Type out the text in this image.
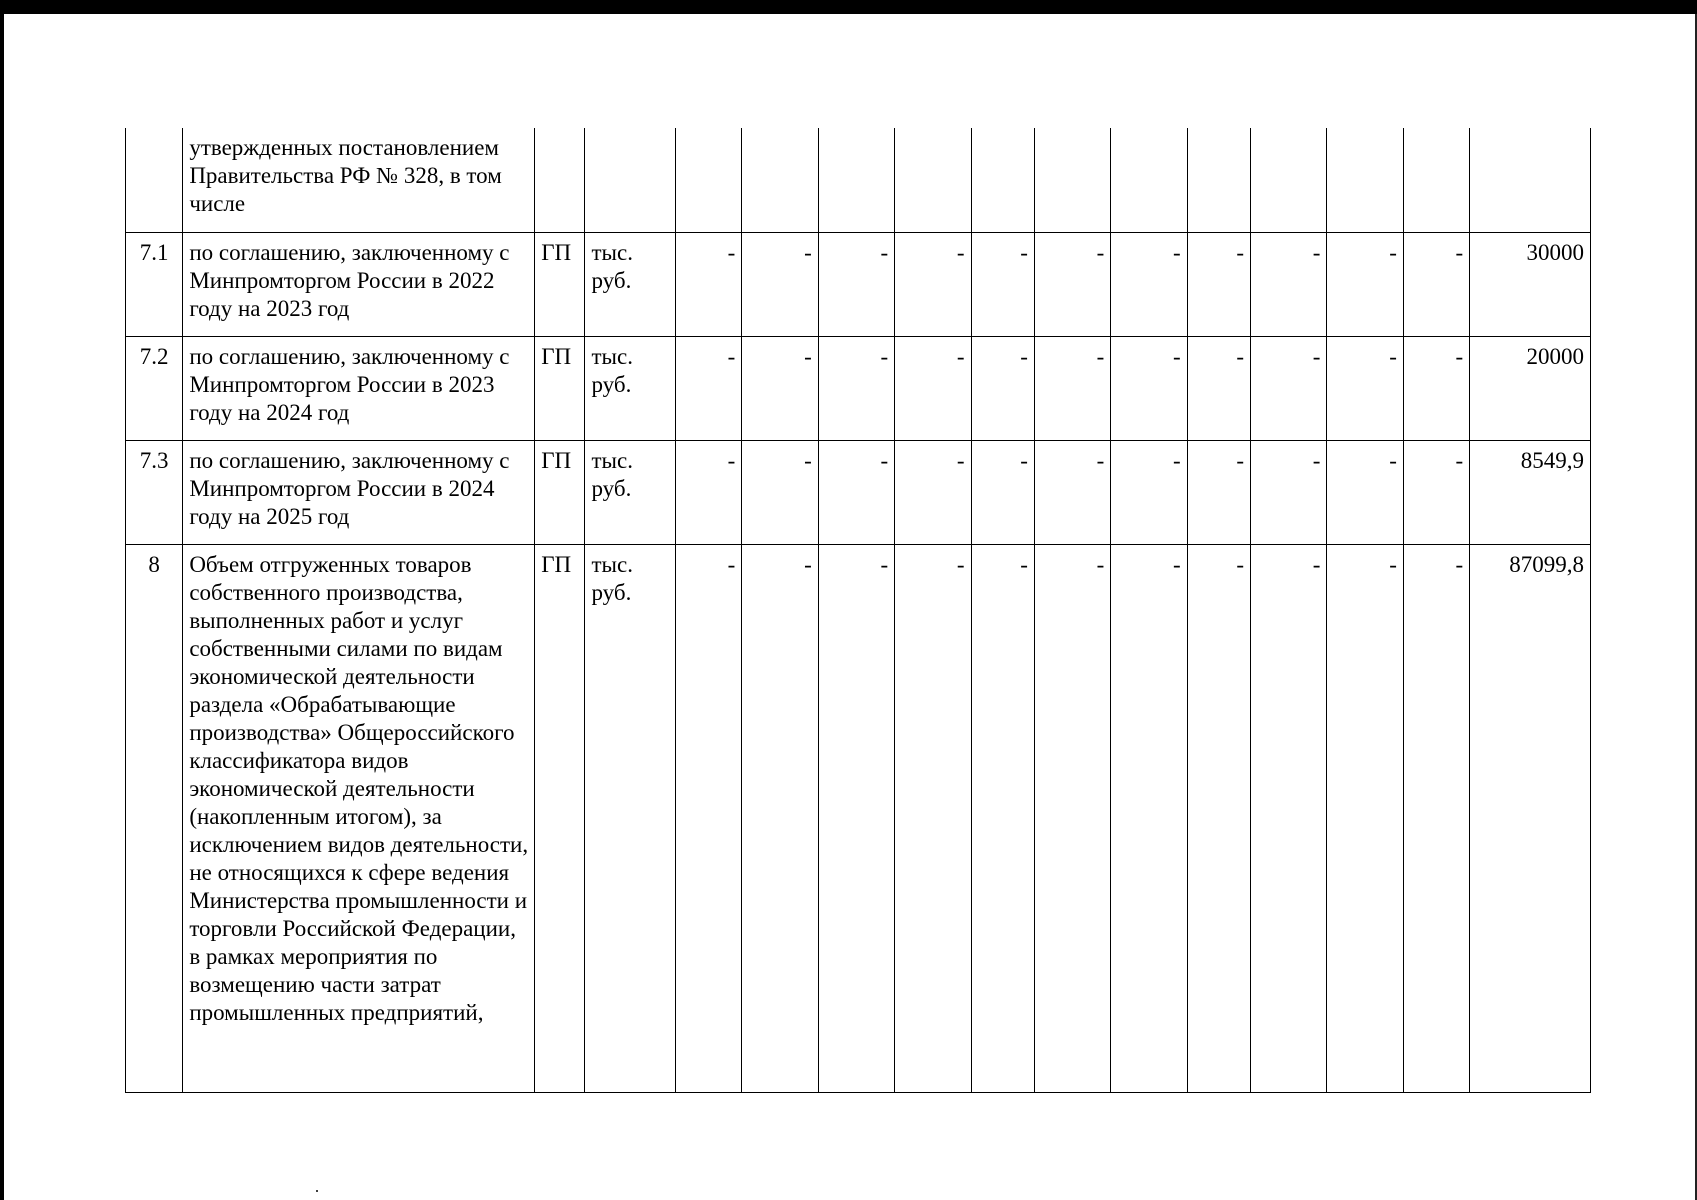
	утвержденных постановлением Правительства РФ № 328, в том числе														
7.1	по соглашению, заключенному с Минпромторгом России в 2022 году на 2023 год	ГП	тыс. руб.	-	-	-	-	-	-	-	-	-	-	-	30000
7.2	по соглашению, заключенному с Минпромторгом России в 2023 году на 2024 год	ГП	тыс. руб.	-	-	-	-	-	-	-	-	-	-	-	20000
7.3	по соглашению, заключенному с Минпромторгом России в 2024 году на 2025 год	ГП	тыс. руб.	-	-	-	-	-	-	-	-	-	-	-	8549,9
8	Объем отгруженных товаров собственного производства, выполненных работ и услуг собственными силами по видам экономической деятельности раздела «Обрабатывающие производства» Общероссийского классификатора видов экономической деятельности (накопленным итогом), за исключением видов деятельности, не относящихся к сфере ведения Министерства промышленности и торговли Российской Федерации, в рамках мероприятия по возмещению части затрат промышленных предприятий,	ГП	тыс. руб.	-	-	-	-	-	-	-	-	-	-	-	87099,8
